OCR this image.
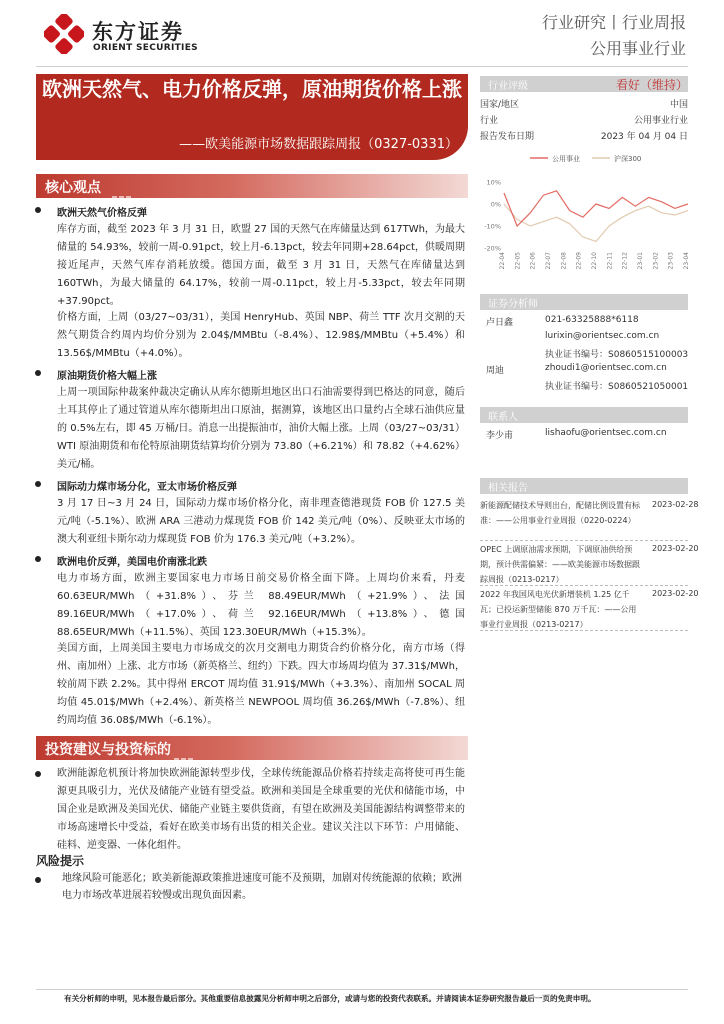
东方证券
ORIENT SECURITIES
行业研究丨行业周报
公用事业行业
欧洲天然气、电力价格反弹，原油期货价格上涨
——欧美能源市场数据跟踪周报（0327-0331）
行业评级	看好（维持）
国家/地区	中国
行业	公用事业行业
报告发布日期	2023 年 04 月 04 日
公用事业	沪深300
10%
0%
-10%
-20%
22-04 22-05 22-06 22-07 22-08 22-09 22-10 22-11 22-12 23-01 23-02 23-03 23-04
证券分析师
卢日鑫	021-63325888*6118
lurixin@orientsec.com.cn
执业证书编号：S0860515100003
周迪	zhoudi1@orientsec.com.cn
执业证书编号：S0860521050001
联系人
李少甫	lishaofu@orientsec.com.cn
相关报告
新能源配储技术导则出台，配储比例设置有标准：——公用事业行业周报（0220-0224）
2023-02-28
OPEC 上调原油需求预期，下调原油供给预期，预计供需偏紧：——欧美能源市场数据跟踪周报（0213-0217）
2023-02-20
2022 年我国风电光伏新增装机 1.25 亿千瓦；已投运新型储能 870 万千瓦：——公用事业行业周报（0213-0217）
2023-02-20
核心观点
欧洲天然气价格反弹
库存方面，截至 2023 年 3 月 31 日，欧盟 27 国的天然气在库储量达到 617TWh，为最大储量的 54.93%，较前一周-0.91pct，较上月-6.13pct，较去年同期+28.64pct，供暖周期接近尾声，天然气库存消耗放缓。德国方面，截至 3 月 31 日，天然气在库储量达到 160TWh，为最大储量的 64.17%，较前一周-0.11pct，较上月-5.33pct，较去年同期+37.90pct。
价格方面，上周（03/27~03/31），美国 HenryHub、英国 NBP、荷兰 TTF 次月交割的天然气期货合约周内均价分别为 2.04$/MMBtu（-8.4%）、12.98$/MMBtu（+5.4%）和 13.56$/MMBtu（+4.0%）。
原油期货价格大幅上涨
上周一项国际仲裁案仲裁决定确认从库尔德斯坦地区出口石油需要得到巴格达的同意，随后土耳其停止了通过管道从库尔德斯坦出口原油，据测算，该地区出口量约占全球石油供应量的 0.5%左右，即 45 万桶/日。消息一出提振油市，油价大幅上涨。上周（03/27~03/31）WTI 原油期货和布伦特原油期货结算均价分别为 73.80（+6.21%）和 78.82（+4.62%）美元/桶。
国际动力煤市场分化，亚太市场价格反弹
3 月 17 日~3 月 24 日，国际动力煤市场价格分化，南非理查德港现货 FOB 价 127.5 美元/吨（-5.1%）、欧洲 ARA 三港动力煤现货 FOB 价 142 美元/吨（0%）、反映亚太市场的澳大利亚纽卡斯尔动力煤现货 FOB 价为 176.3 美元/吨（+3.2%）。
欧洲电价反弹，美国电价南涨北跌
电力市场方面，欧洲主要国家电力市场日前交易价格全面下降。上周均价来看，丹麦 60.63EUR/MWh（+31.8%）、芬兰 88.49EUR/MWh（+21.9%）、法国 89.16EUR/MWh（+17.0%）、荷兰 92.16EUR/MWh（+13.8%）、德国 88.65EUR/MWh（+11.5%）、英国 123.30EUR/MWh（+15.3%）。
美国方面，上周美国主要电力市场成交的次月交割电力期货合约价格分化，南方市场（得州、南加州）上涨、北方市场（新英格兰、纽约）下跌。四大市场周均值为 37.31$/MWh，较前周下跌 2.2%。其中得州 ERCOT 周均值 31.91$/MWh（+3.3%）、南加州 SOCAL 周均值 45.01$/MWh（+2.4%）、新英格兰 NEWPOOL 周均值 36.26$/MWh（-7.8%）、纽约周均值 36.08$/MWh（-6.1%）。
投资建议与投资标的
欧洲能源危机预计将加快欧洲能源转型步伐，全球传统能源品价格若持续走高将使可再生能源更具吸引力，光伏及储能产业链有望受益。欧洲和美国是全球重要的光伏和储能市场，中国企业是欧洲及美国光伏、储能产业链主要供货商，有望在欧洲及美国能源结构调整带来的市场高速增长中受益，看好在欧美市场有出货的相关企业。建议关注以下环节：户用储能、硅料、逆变器、一体化组件。
风险提示
地缘风险可能恶化；欧美新能源政策推进速度可能不及预期，加剧对传统能源的依赖；欧洲电力市场改革进展若较慢或出现负面因素。
有关分析师的申明，见本报告最后部分。其他重要信息披露见分析师申明之后部分，或请与您的投资代表联系。并请阅读本证券研究报告最后一页的免责申明。
